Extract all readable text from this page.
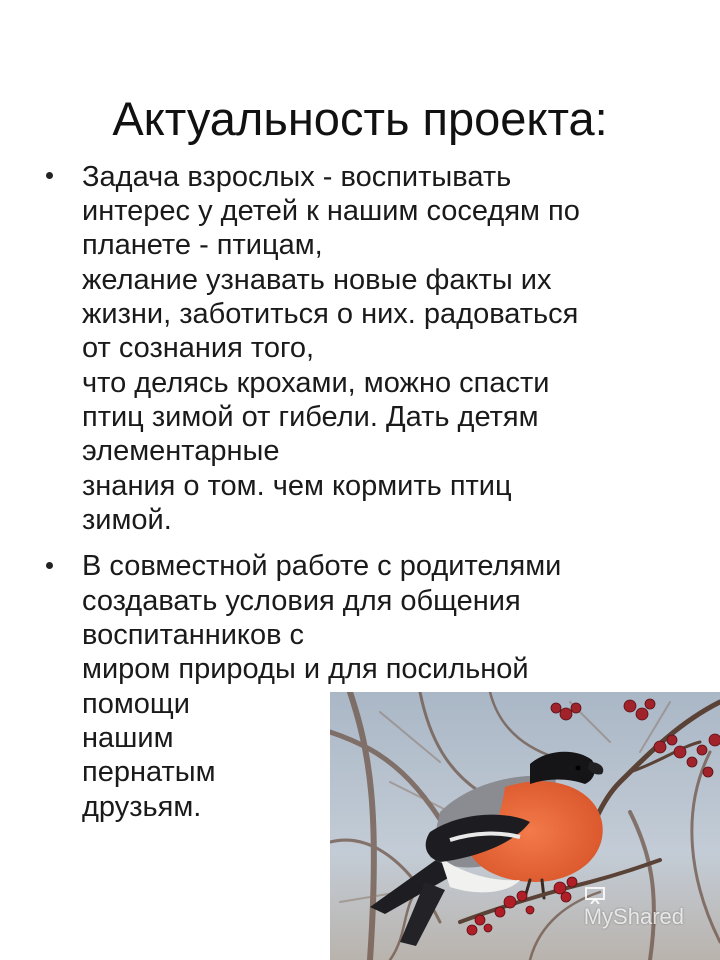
Актуальность проекта:
Задача взрослых - воспитывать
интерес у детей к нашим соседям по
планете - птицам,
желание узнавать новые факты их
жизни, заботиться о них. радоваться
от сознания того,
что делясь крохами, можно спасти
птиц зимой от гибели. Дать детям
элементарные
знания о том. чем кормить птиц
зимой.
В совместной работе с родителями
создавать условия для общения
воспитанников с
миром природы и для посильной
помощи
нашим
пернатым
друзьям.
MyShared
